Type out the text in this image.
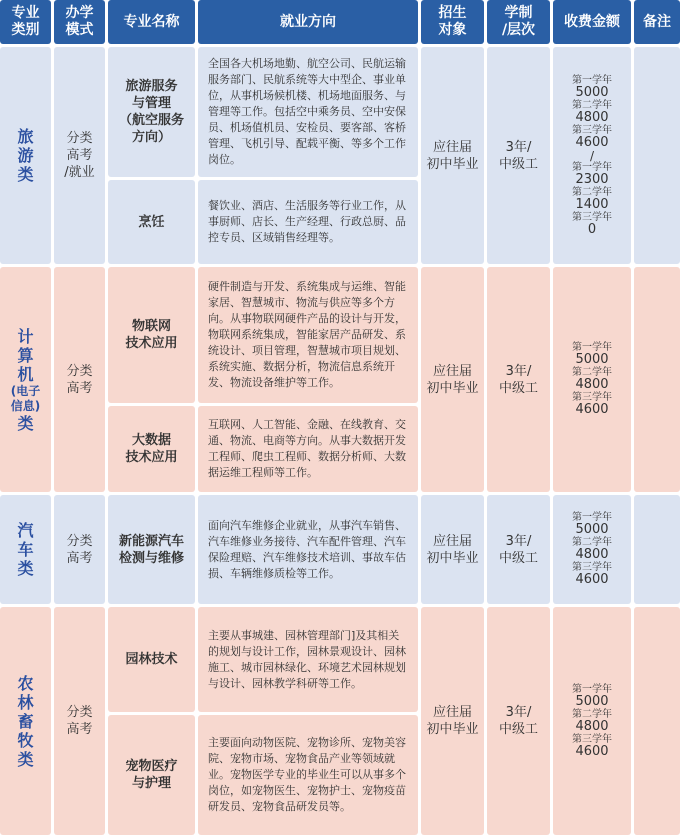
专业
类别
办学
模式
专业名称	就业方向
招生
对象
学制
/层次
收费金额 备注
旅
游
类
分类
高考
/就业
旅游服务
与管理
（航空服务
方向）
全国各大机场地勤、航空公司、民航运输服务部门、民航系统等大中型企、事业单位，从事机场候机楼、机场地面服务、与管理等工作。包括空中乘务员、空中安保员、机场值机员、安检员、要客部、客桥管理、飞机引导、配载平衡、等多个工作岗位。
烹饪
餐饮业、酒店、生活服务等行业工作，从事厨师、店长、生产经理、行政总厨、品控专员、区域销售经理等。
应往届
初中毕业
3年/
中级工
第一学年
5000
第二学年
4800
第三学年
4600
/
第一学年
2300
第二学年
1400
第三学年
0
计
算
机
(电子
信息)
类
分类
高考
物联网
技术应用
硬件制造与开发、系统集成与运维、智能家居、智慧城市、物流与供应等多个方向。从事物联网硬件产品的设计与开发，物联网系统集成，智能家居产品研发、系统设计、项目管理，智慧城市项目规划、系统实施、数据分析，物流信息系统开发、物流设备维护等工作。
大数据
技术应用
互联网、人工智能、金融、在线教育、交通、物流、电商等方向。从事大数据开发工程师、爬虫工程师、数据分析师、大数据运维工程师等工作。
应往届
初中毕业
3年/
中级工
第一学年
5000
第二学年
4800
第三学年
4600
汽
车
类
分类
高考
新能源汽车
检测与维修
面向汽车维修企业就业，从事汽车销售、汽车维修业务接待、汽车配件管理、汽车保险理赔、汽车维修技术培训、事故车估损、车辆维修质检等工作。
应往届
初中毕业
3年/
中级工
第一学年
5000
第二学年
4800
第三学年
4600
农
林
畜
牧
类
分类
高考
园林技术
主要从事城建、园林管理部门]及其相关的规划与设计工作，园林景观设计、园林施工、城市园林绿化、环境艺术园林规划与设计、园林教学科研等工作。
宠物医疗
与护理
主要面向动物医院、宠物诊所、宠物美容院、宠物市场、宠物食品产业等领域就业。宠物医学专业的毕业生可以从事多个岗位，如宠物医生、宠物护士、宠物疫苗研发员、宠物食品研发员等。
应往届
初中毕业
3年/
中级工
第一学年
5000
第二学年
4800
第三学年
4600
